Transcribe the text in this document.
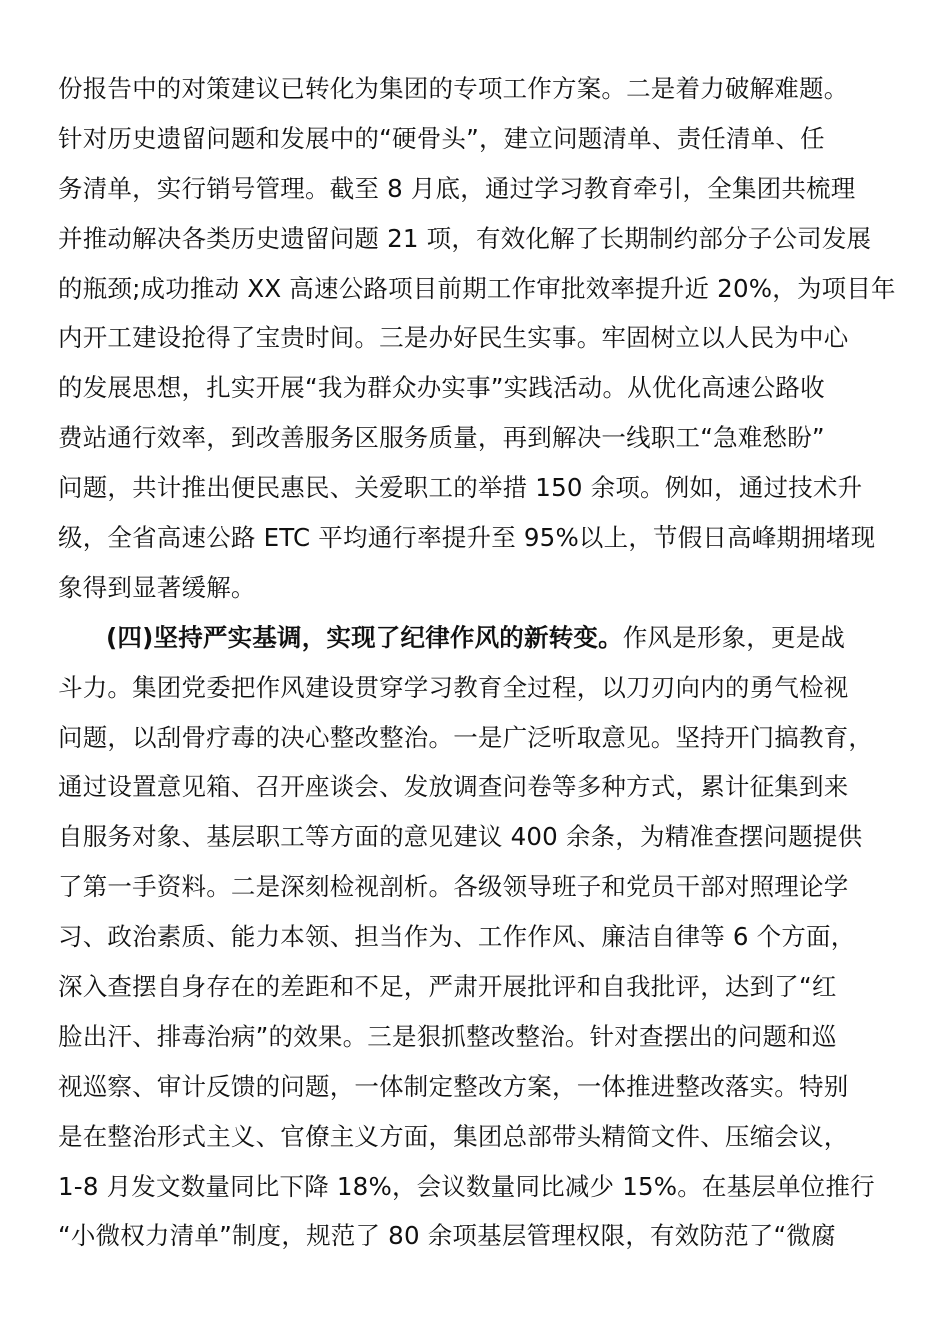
份报告中的对策建议已转化为集团的专项工作方案。二是着力破解难题。
针对历史遗留问题和发展中的“硬骨头”，建立问题清单、责任清单、任
务清单，实行销号管理。截至 8 月底，通过学习教育牵引，全集团共梳理
并推动解决各类历史遗留问题 21 项，有效化解了长期制约部分子公司发展
的瓶颈;成功推动 XX 高速公路项目前期工作审批效率提升近 20%，为项目年
内开工建设抢得了宝贵时间。三是办好民生实事。牢固树立以人民为中心
的发展思想，扎实开展“我为群众办实事”实践活动。从优化高速公路收
费站通行效率，到改善服务区服务质量，再到解决一线职工“急难愁盼”
问题，共计推出便民惠民、关爱职工的举措 150 余项。例如，通过技术升
级，全省高速公路 ETC 平均通行率提升至 95%以上，节假日高峰期拥堵现
象得到显著缓解。
(四)坚持严实基调，实现了纪律作风的新转变。作风是形象，更是战
斗力。集团党委把作风建设贯穿学习教育全过程，以刀刃向内的勇气检视
问题，以刮骨疗毒的决心整改整治。一是广泛听取意见。坚持开门搞教育，
通过设置意见箱、召开座谈会、发放调查问卷等多种方式，累计征集到来
自服务对象、基层职工等方面的意见建议 400 余条，为精准查摆问题提供
了第一手资料。二是深刻检视剖析。各级领导班子和党员干部对照理论学
习、政治素质、能力本领、担当作为、工作作风、廉洁自律等 6 个方面，
深入查摆自身存在的差距和不足，严肃开展批评和自我批评，达到了“红
脸出汗、排毒治病”的效果。三是狠抓整改整治。针对查摆出的问题和巡
视巡察、审计反馈的问题，一体制定整改方案，一体推进整改落实。特别
是在整治形式主义、官僚主义方面，集团总部带头精简文件、压缩会议，
1-8 月发文数量同比下降 18%，会议数量同比减少 15%。在基层单位推行
“小微权力清单”制度，规范了 80 余项基层管理权限，有效防范了“微腐
